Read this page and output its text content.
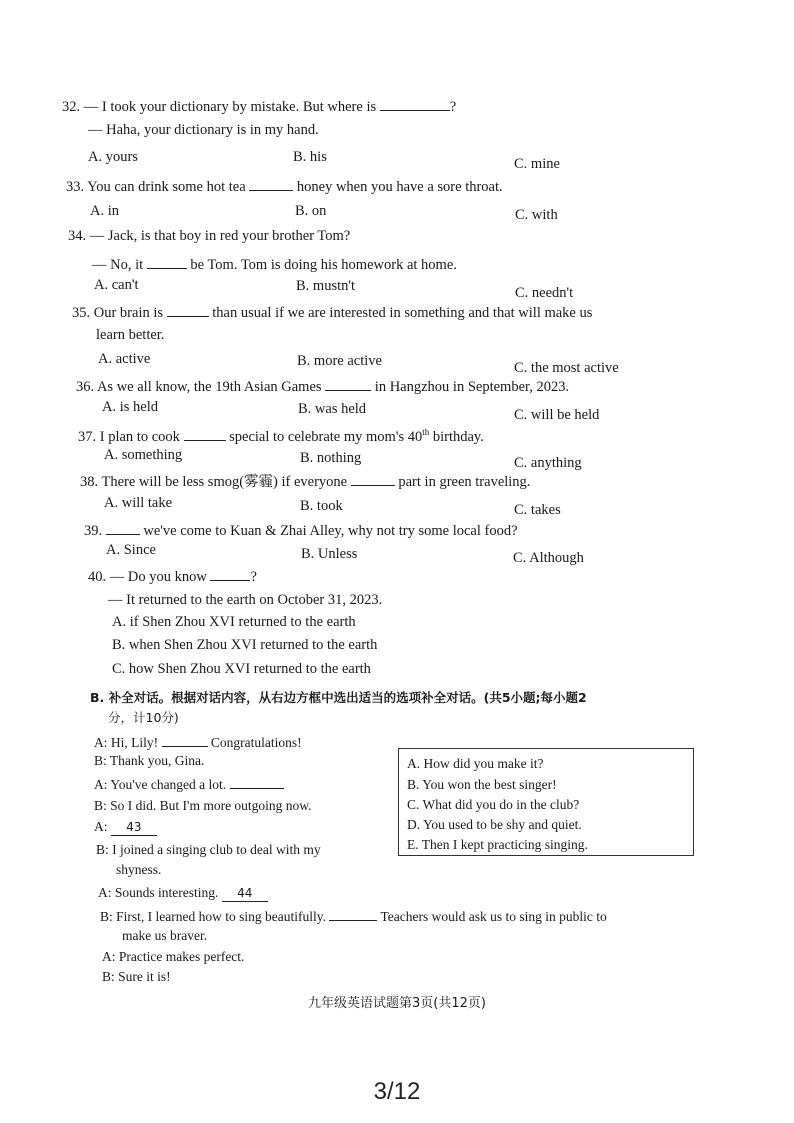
32. — I took your dictionary by mistake. But where is	?
— Haha, your dictionary is in my hand.
A. yours	B. his	C. mine
33. You can drink some hot tea	honey when you have a sore throat.
A. in	B. on	C. with
34. — Jack, is that boy in red your brother Tom?
— No, it	be Tom. Tom is doing his homework at home.
A. can't	B. mustn't	C. needn't
35. Our brain is	than usual if we are interested in something and that will make us
learn better.
A. active	B. more active	C. the most active
36. As we all know, the 19th Asian Games	in Hangzhou in September, 2023.
A. is held	B. was held	C. will be held
37. I plan to cook	special to celebrate my mom's 40th birthday.
A. something	B. nothing	C. anything
38. There will be less smog(雾霾) if everyone	part in green traveling.
A. will take	B. took	C. takes
39.	we've come to Kuan & Zhai Alley, why not try some local food?
A. Since	B. Unless	C. Although
40. — Do you know	?
— It returned to the earth on October 31, 2023.
A. if Shen Zhou XVI returned to the earth
B. when Shen Zhou XVI returned to the earth
C. how Shen Zhou XVI returned to the earth
B. 补全对话。根据对话内容，从右边方框中选出适当的选项补全对话。(共5小题;每小题2
分，计10分)
A: Hi, Lily!	Congratulations!
B: Thank you, Gina.
A: You've changed a lot.
B: So I did. But I'm more outgoing now.
A: 43
B: I joined a singing club to deal with my
shyness.
A: Sounds interesting. 44
B: First, I learned how to sing beautifully.	Teachers would ask us to sing in public to
make us braver.
A: Practice makes perfect.
B: Sure it is!
A. How did you make it?
B. You won the best singer!
C. What did you do in the club?
D. You used to be shy and quiet.
E. Then I kept practicing singing.
九年级英语试题第3页(共12页)
3/12
